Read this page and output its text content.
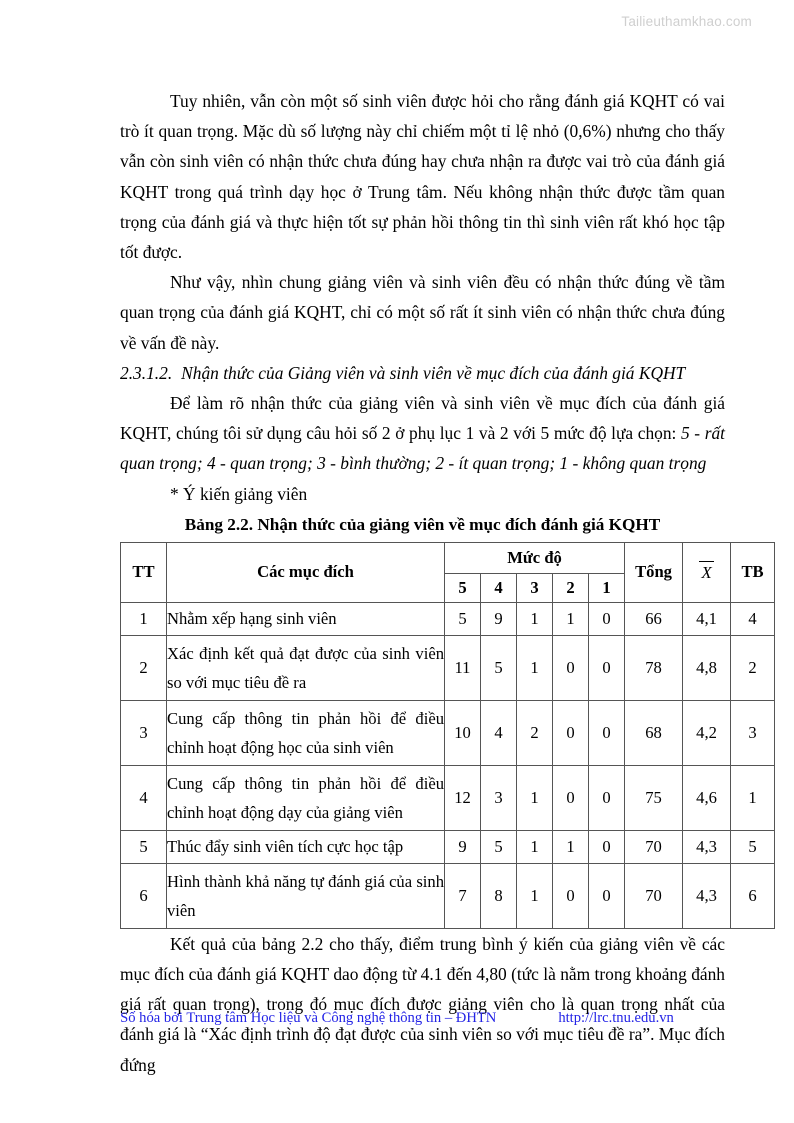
Tailieuthamkhao.com

Tuy nhiên, vẫn còn một số sinh viên được hỏi cho rằng đánh giá KQHT có vai trò ít quan trọng. Mặc dù số lượng này chỉ chiếm một tỉ lệ nhỏ (0,6%) nhưng cho thấy vẫn còn sinh viên có nhận thức chưa đúng hay chưa nhận ra được vai trò của đánh giá KQHT trong quá trình dạy học ở Trung tâm. Nếu không nhận thức được tầm quan trọng của đánh giá và thực hiện tốt sự phản hồi thông tin thì sinh viên rất khó học tập tốt được.

Như vậy, nhìn chung giảng viên và sinh viên đều có nhận thức đúng về tầm quan trọng của đánh giá KQHT, chỉ có một số rất ít sinh viên có nhận thức chưa đúng về vấn đề này.

2.3.1.2. Nhận thức của Giảng viên và sinh viên về mục đích của đánh giá KQHT

Để làm rõ nhận thức của giảng viên và sinh viên về mục đích của đánh giá KQHT, chúng tôi sử dụng câu hỏi số 2 ở phụ lục 1 và 2 với 5 mức độ lựa chọn: 5 - rất quan trọng; 4 - quan trọng; 3 - bình thường; 2 - ít quan trọng; 1 - không quan trọng

* Ý kiến giảng viên

Bảng 2.2. Nhận thức của giảng viên về mục đích đánh giá KQHT
TT	Các mục đích	Mức độ					Tổng	X	TB
		5	4	3	2	1			
1	Nhằm xếp hạng sinh viên	5	9	1	1	0	66	4,1	4
2	Xác định kết quả đạt được của sinh viên so với mục tiêu đề ra	11	5	1	0	0	78	4,8	2
3	Cung cấp thông tin phản hồi để điều chỉnh hoạt động học của sinh viên	10	4	2	0	0	68	4,2	3
4	Cung cấp thông tin phản hồi để điều chỉnh hoạt động dạy của giảng viên	12	3	1	0	0	75	4,6	1
5	Thúc đẩy sinh viên tích cực học tập	9	5	1	1	0	70	4,3	5
6	Hình thành khả năng tự đánh giá của sinh viên	7	8	1	0	0	70	4,3	6

Kết quả của bảng 2.2 cho thấy, điểm trung bình ý kiến của giảng viên về các mục đích của đánh giá KQHT dao động từ 4.1 đến 4,80 (tức là nằm trong khoảng đánh giá rất quan trọng), trong đó mục đích được giảng viên cho là quan trọng nhất của đánh giá là “Xác định trình độ đạt được của sinh viên so với mục tiêu đề ra”. Mục đích đứng

Số hóa bởi Trung tâm Học liệu và Công nghệ thông tin – ĐHTN	http://lrc.tnu.edu.vn
